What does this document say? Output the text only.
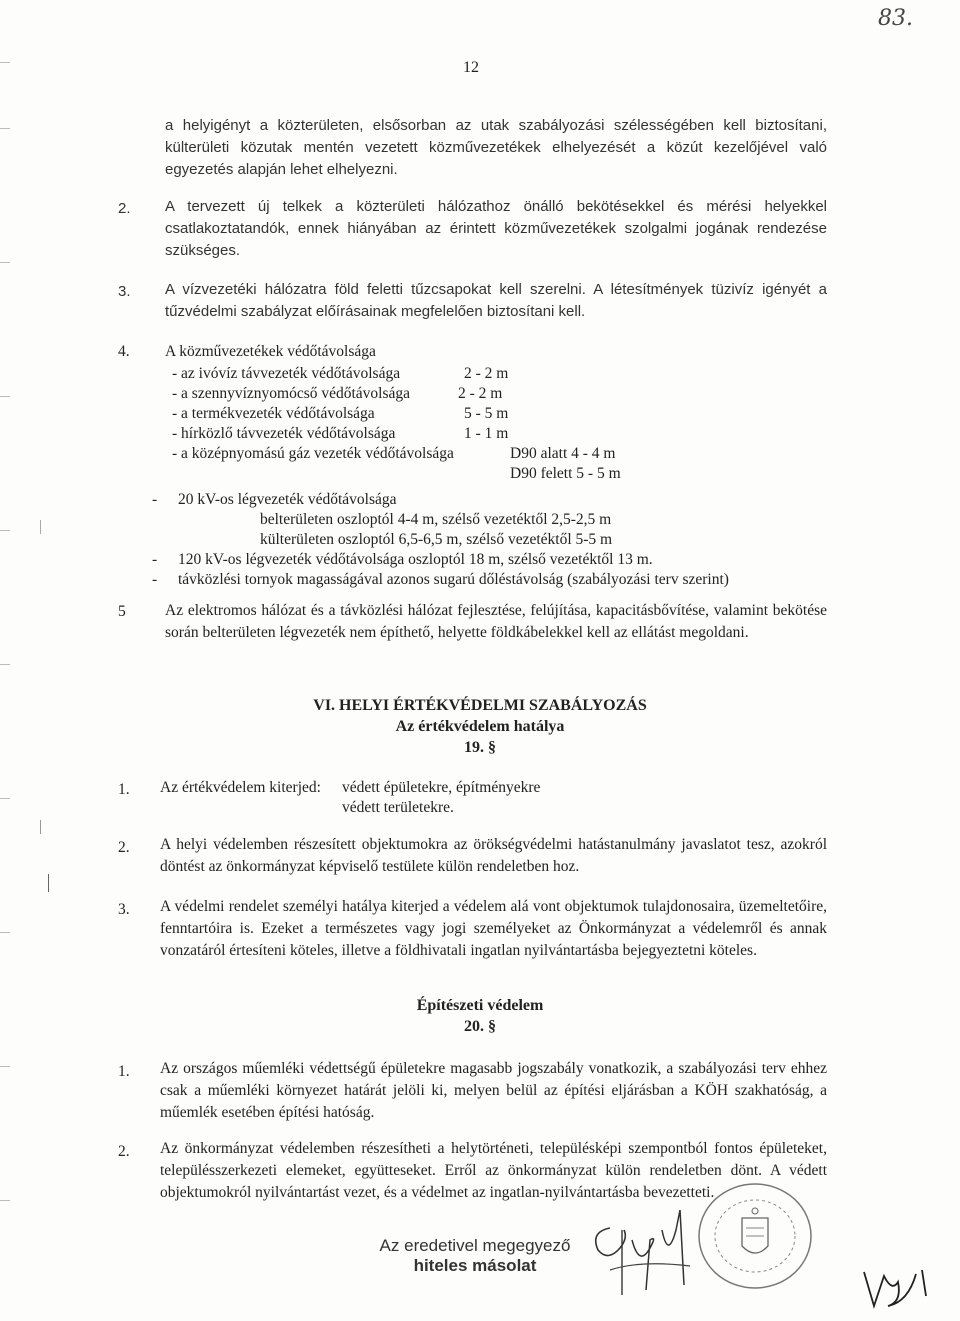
83.
12
a helyigényt a közterületen, elsősorban az utak szabályozási szélességében kell biztosítani, külterületi közutak mentén vezetett közművezetékek elhelyezését a közút kezelőjével való egyezetés alapján lehet elhelyezni.
2. A tervezett új telkek a közterületi hálózathoz önálló bekötésekkel és mérési helyekkel csatlakoztatandók, ennek hiányában az érintett közművezetékek szolgalmi jogának rendezése szükséges.
3. A vízvezetéki hálózatra föld feletti tűzcsapokat kell szerelni. A létesítmények tüzivíz igényét a tűzvédelmi szabályzat előírásainak megfelelően biztosítani kell.
4. A közművezetékek védőtávolsága
- az ivóvíz távvezeték védőtávolsága	2 - 2 m
- a szennyvíznyomócső védőtávolsága	2 - 2 m
- a termékvezeték védőtávolsága	5 - 5 m
- hírközlő távvezeték védőtávolsága	1 - 1 m
- a középnyomású gáz vezeték védőtávolsága	D90 alatt 4 - 4 m
D90 felett 5 - 5 m
- 20 kV-os légvezeték védőtávolsága
belterületen oszloptól 4-4 m, szélső vezetéktől 2,5-2,5 m
külterületen oszloptól 6,5-6,5 m, szélső vezetéktől 5-5 m
- 120 kV-os légvezeték védőtávolsága oszloptól 18 m, szélső vezetéktől 13 m.
- távközlési tornyok magasságával azonos sugarú dőléstávolság (szabályozási terv szerint)
5	Az elektromos hálózat és a távközlési hálózat fejlesztése, felújítása, kapacitásbővítése, valamint bekötése során belterületen légvezeték nem építhető, helyette földkábelekkel kell az ellátást megoldani.
VI. HELYI ÉRTÉKVÉDELMI SZABÁLYOZÁS
Az értékvédelem hatálya
19. §
1. Az értékvédelem kiterjed: védett épületekre, építményekre
védett területekre.
2. A helyi védelemben részesített objektumokra az örökségvédelmi hatástanulmány javaslatot tesz, azokról döntést az önkormányzat képviselő testülete külön rendeletben hoz.
3. A védelmi rendelet személyi hatálya kiterjed a védelem alá vont objektumok tulajdonosaira, üzemeltetőire, fenntartóira is. Ezeket a természetes vagy jogi személyeket az Önkormányzat a védelemről és annak vonzatáról értesíteni köteles, illetve a földhivatali ingatlan nyilvántartásba bejegyeztetni köteles.
Építészeti védelem
20. §
1. Az országos műemléki védettségű épületekre magasabb jogszabály vonatkozik, a szabályozási terv ehhez csak a műemléki környezet határát jelöli ki, melyen belül az építési eljárásban a KÖH szakhatóság, a műemlék esetében építési hatóság.
2. Az önkormányzat védelemben részesítheti a helytörténeti, településképi szempontból fontos épületeket, településszerkezeti elemeket, együtteseket. Erről az önkormányzat külön rendeletben dönt. A védett objektumokról nyilvántartást vezet, és a védelmet az ingatlan-nyilvántartásba bevezetteti.
Az eredetivel megegyező
hiteles másolat
